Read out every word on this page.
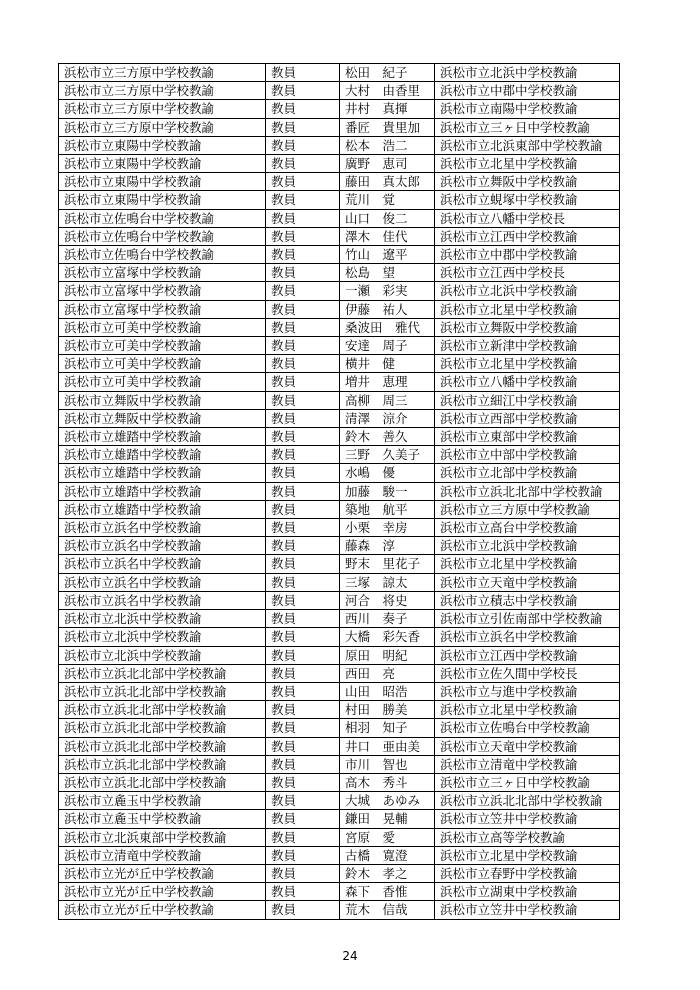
浜松市立三方原中学校教諭	教員	松田　紀子	浜松市立北浜中学校教諭
浜松市立三方原中学校教諭	教員	大村　由香里	浜松市立中郡中学校教諭
浜松市立三方原中学校教諭	教員	井村　真揮	浜松市立南陽中学校教諭
浜松市立三方原中学校教諭	教員	番匠　貴里加	浜松市立三ヶ日中学校教諭
浜松市立東陽中学校教諭	教員	松本　浩二	浜松市立北浜東部中学校教諭
浜松市立東陽中学校教諭	教員	廣野　恵司	浜松市立北星中学校教諭
浜松市立東陽中学校教諭	教員	藤田　真太郎	浜松市立舞阪中学校教諭
浜松市立東陽中学校教諭	教員	荒川　覚	浜松市立蜆塚中学校教諭
浜松市立佐鳴台中学校教諭	教員	山口　俊二	浜松市立八幡中学校長
浜松市立佐鳴台中学校教諭	教員	澤木　佳代	浜松市立江西中学校教諭
浜松市立佐鳴台中学校教諭	教員	竹山　遼平	浜松市立中郡中学校教諭
浜松市立富塚中学校教諭	教員	松島　望	浜松市立江西中学校長
浜松市立富塚中学校教諭	教員	一瀬　彩実	浜松市立北浜中学校教諭
浜松市立富塚中学校教諭	教員	伊藤　祐人	浜松市立北星中学校教諭
浜松市立可美中学校教諭	教員	桑波田　雅代	浜松市立舞阪中学校教諭
浜松市立可美中学校教諭	教員	安達　周子	浜松市立新津中学校教諭
浜松市立可美中学校教諭	教員	横井　健	浜松市立北星中学校教諭
浜松市立可美中学校教諭	教員	増井　恵理	浜松市立八幡中学校教諭
浜松市立舞阪中学校教諭	教員	高柳　周三	浜松市立細江中学校教諭
浜松市立舞阪中学校教諭	教員	清澤　涼介	浜松市立西部中学校教諭
浜松市立雄踏中学校教諭	教員	鈴木　善久	浜松市立東部中学校教諭
浜松市立雄踏中学校教諭	教員	三野　久美子	浜松市立中部中学校教諭
浜松市立雄踏中学校教諭	教員	水嶋　優	浜松市立北部中学校教諭
浜松市立雄踏中学校教諭	教員	加藤　駿一	浜松市立浜北北部中学校教諭
浜松市立雄踏中学校教諭	教員	築地　航平	浜松市立三方原中学校教諭
浜松市立浜名中学校教諭	教員	小栗　幸房	浜松市立高台中学校教諭
浜松市立浜名中学校教諭	教員	藤森　淳	浜松市立北浜中学校教諭
浜松市立浜名中学校教諭	教員	野末　里花子	浜松市立北星中学校教諭
浜松市立浜名中学校教諭	教員	三塚　諒太	浜松市立天竜中学校教諭
浜松市立浜名中学校教諭	教員	河合　将史	浜松市立積志中学校教諭
浜松市立北浜中学校教諭	教員	西川　奏子	浜松市立引佐南部中学校教諭
浜松市立北浜中学校教諭	教員	大橋　彩矢香	浜松市立浜名中学校教諭
浜松市立北浜中学校教諭	教員	原田　明紀	浜松市立江西中学校教諭
浜松市立浜北北部中学校教諭	教員	西田　亮	浜松市立佐久間中学校長
浜松市立浜北北部中学校教諭	教員	山田　昭浩	浜松市立与進中学校教諭
浜松市立浜北北部中学校教諭	教員	村田　勝美	浜松市立北星中学校教諭
浜松市立浜北北部中学校教諭	教員	相羽　知子	浜松市立佐鳴台中学校教諭
浜松市立浜北北部中学校教諭	教員	井口　亜由美	浜松市立天竜中学校教諭
浜松市立浜北北部中学校教諭	教員	市川　智也	浜松市立清竜中学校教諭
浜松市立浜北北部中学校教諭	教員	高木　秀斗	浜松市立三ヶ日中学校教諭
浜松市立麁玉中学校教諭	教員	大城　あゆみ	浜松市立浜北北部中学校教諭
浜松市立麁玉中学校教諭	教員	鎌田　晃輔	浜松市立笠井中学校教諭
浜松市立北浜東部中学校教諭	教員	宮原　愛	浜松市立高等学校教諭
浜松市立清竜中学校教諭	教員	古橋　寛澄	浜松市立北星中学校教諭
浜松市立光が丘中学校教諭	教員	鈴木　孝之	浜松市立春野中学校教諭
浜松市立光が丘中学校教諭	教員	森下　香惟	浜松市立湖東中学校教諭
浜松市立光が丘中学校教諭	教員	荒木　信哉	浜松市立笠井中学校教諭
24
